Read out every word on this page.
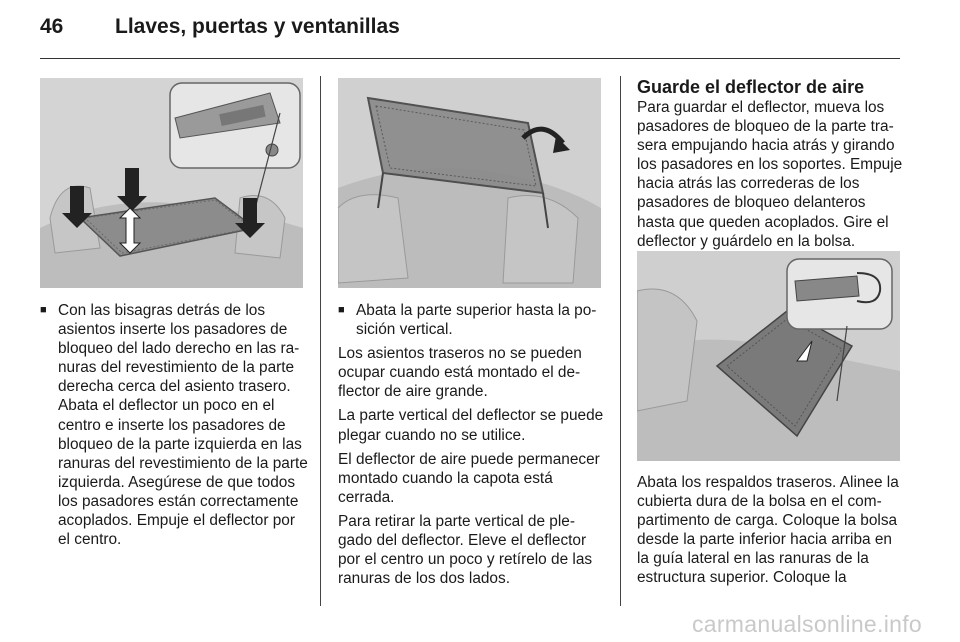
46 Llaves, puertas y ventanillas
■ Con las bisagras detrás de los asientos inserte los pasadores de bloqueo del lado derecho en las ranuras del revestimiento de la parte derecha cerca del asiento trasero. Abata el deflector un poco en el centro e inserte los pasadores de bloqueo de la parte izquierda en las ranuras del revestimiento de la parte izquierda. Asegúrese de que todos los pasadores están correctamente acoplados. Empuje el deflector por el centro.
■ Abata la parte superior hasta la posición vertical.

Los asientos traseros no se pueden ocupar cuando está montado el deflector de aire grande.

La parte vertical del deflector se puede plegar cuando no se utilice.

El deflector de aire puede permanecer montado cuando la capota está cerrada.

Para retirar la parte vertical de plegado del deflector. Eleve el deflector por el centro un poco y retírelo de las ranuras de los dos lados.

Guarde el deflector de aire

Para guardar el deflector, mueva los pasadores de bloqueo de la parte trasera empujando hacia atrás y girando los pasadores en los soportes. Empuje hacia atrás las correderas de los pasadores de bloqueo delanteros hasta que queden acoplados. Gire el deflector y guárdelo en la bolsa.

Abata los respaldos traseros. Alinee la cubierta dura de la bolsa en el compartimento de carga. Coloque la bolsa desde la parte inferior hacia arriba en la guía lateral en las ranuras de la estructura superior. Coloque la

carmanualsonline.info
